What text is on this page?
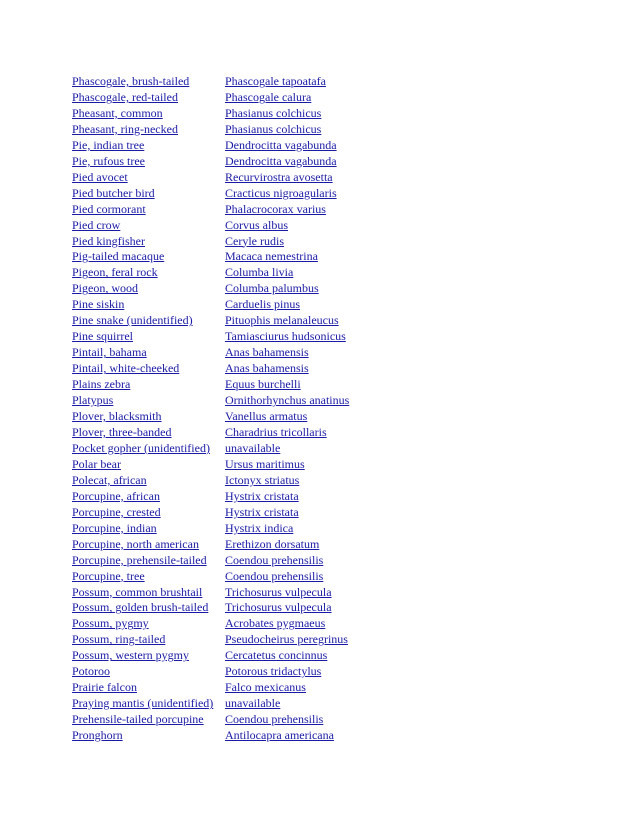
Phascogale, brush-tailed	Phascogale tapoatafa
Phascogale, red-tailed	Phascogale calura
Pheasant, common	Phasianus colchicus
Pheasant, ring-necked	Phasianus colchicus
Pie, indian tree	Dendrocitta vagabunda
Pie, rufous tree	Dendrocitta vagabunda
Pied avocet	Recurvirostra avosetta
Pied butcher bird	Cracticus nigroagularis
Pied cormorant	Phalacrocorax varius
Pied crow	Corvus albus
Pied kingfisher	Ceryle rudis
Pig-tailed macaque	Macaca nemestrina
Pigeon, feral rock	Columba livia
Pigeon, wood	Columba palumbus
Pine siskin	Carduelis pinus
Pine snake (unidentified)	Pituophis melanaleucus
Pine squirrel	Tamiasciurus hudsonicus
Pintail, bahama	Anas bahamensis
Pintail, white-cheeked	Anas bahamensis
Plains zebra	Equus burchelli
Platypus	Ornithorhynchus anatinus
Plover, blacksmith	Vanellus armatus
Plover, three-banded	Charadrius tricollaris
Pocket gopher (unidentified)	unavailable
Polar bear	Ursus maritimus
Polecat, african	Ictonyx striatus
Porcupine, african	Hystrix cristata
Porcupine, crested	Hystrix cristata
Porcupine, indian	Hystrix indica
Porcupine, north american	Erethizon dorsatum
Porcupine, prehensile-tailed	Coendou prehensilis
Porcupine, tree	Coendou prehensilis
Possum, common brushtail	Trichosurus vulpecula
Possum, golden brush-tailed	Trichosurus vulpecula
Possum, pygmy	Acrobates pygmaeus
Possum, ring-tailed	Pseudocheirus peregrinus
Possum, western pygmy	Cercatetus concinnus
Potoroo	Potorous tridactylus
Prairie falcon	Falco mexicanus
Praying mantis (unidentified)	unavailable
Prehensile-tailed porcupine	Coendou prehensilis
Pronghorn	Antilocapra americana
